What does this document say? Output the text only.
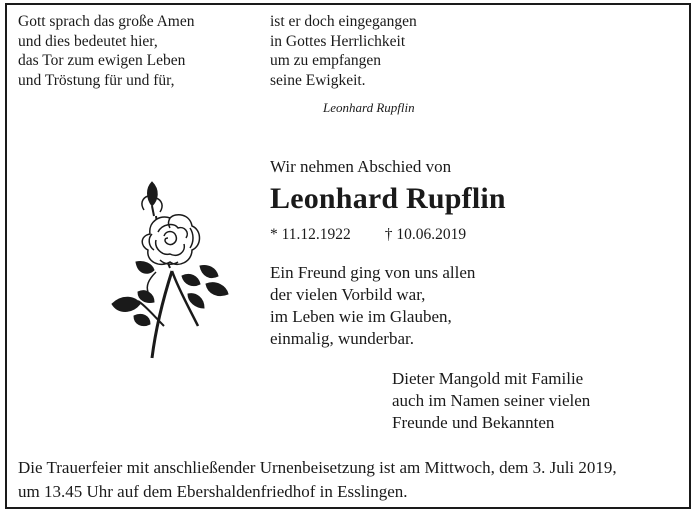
Gott sprach das große Amen
und dies bedeutet hier,
das Tor zum ewigen Leben
und Tröstung für und für,
ist er doch eingegangen
in Gottes Herrlichkeit
um zu empfangen
seine Ewigkeit.
Leonhard Rupflin
Wir nehmen Abschied von
Leonhard Rupflin
* 11.12.1922 † 10.06.2019
Ein Freund ging von uns allen
der vielen Vorbild war,
im Leben wie im Glauben,
einmalig, wunderbar.
Dieter Mangold mit Familie
auch im Namen seiner vielen
Freunde und Bekannten
Die Trauerfeier mit anschließender Urnenbeisetzung ist am Mittwoch, dem 3. Juli 2019,
um 13.45 Uhr auf dem Ebershaldenfriedhof in Esslingen.
